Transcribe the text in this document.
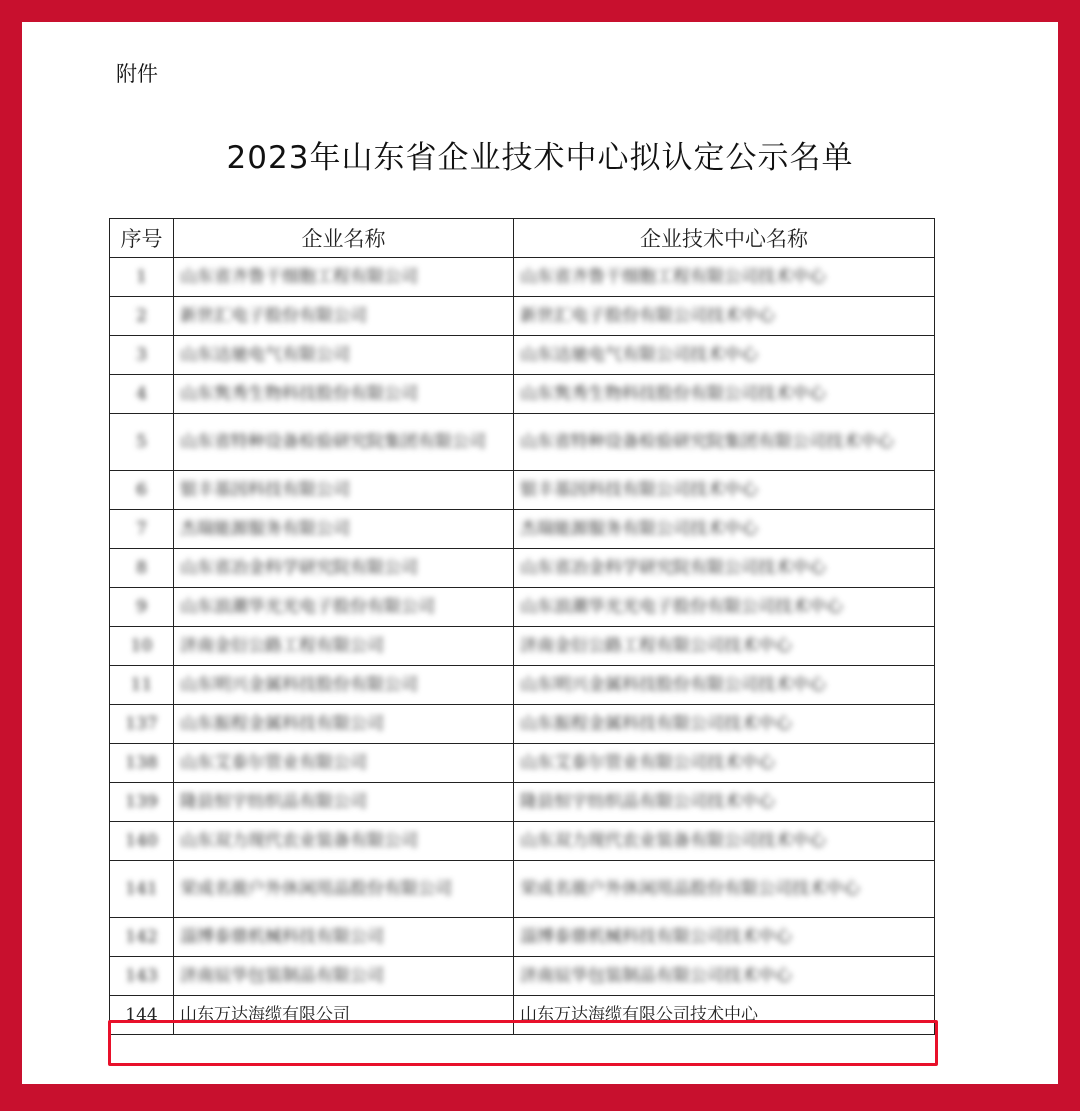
附件
2023年山东省企业技术中心拟认定公示名单
序号	企业名称	企业技术中心名称
1	山东省齐鲁干细胞工程有限公司	山东省齐鲁干细胞工程有限公司技术中心
2	新世汇电子股份有限公司	新世汇电子股份有限公司技术中心
3	山东达驰电气有限公司	山东达驰电气有限公司技术中心
4	山东隽秀生物科技股份有限公司	山东隽秀生物科技股份有限公司技术中心
5	山东省特种设备检验研究院集团有限公司	山东省特种设备检验研究院集团有限公司技术中心
6	银丰基因科技有限公司	银丰基因科技有限公司技术中心
7	杰瑞能源服务有限公司	杰瑞能源服务有限公司技术中心
8	山东省冶金科学研究院有限公司	山东省冶金科学研究院有限公司技术中心
9	山东浪潮华光光电子股份有限公司	山东浪潮华光光电子股份有限公司技术中心
10	济南金衍公路工程有限公司	济南金衍公路工程有限公司技术中心
11	山东明兴金属科技股份有限公司	山东明兴金属科技股份有限公司技术中心
137	山东振程金属科技有限公司	山东振程金属科技有限公司技术中心
138	山东艾泰尔管业有限公司	山东艾泰尔管业有限公司技术中心
139	隆县恒宇纺织品有限公司	隆县恒宇纺织品有限公司技术中心
140	山东双力现代农业装备有限公司	山东双力现代农业装备有限公司技术中心
141	荣成名骏户外休闲用品股份有限公司	荣成名骏户外休闲用品股份有限公司技术中心
142	淄博泰鼎机械科技有限公司	淄博泰鼎机械科技有限公司技术中心
143	济南辰华包装制品有限公司	济南辰华包装制品有限公司技术中心
144	山东万达海缆有限公司	山东万达海缆有限公司技术中心
